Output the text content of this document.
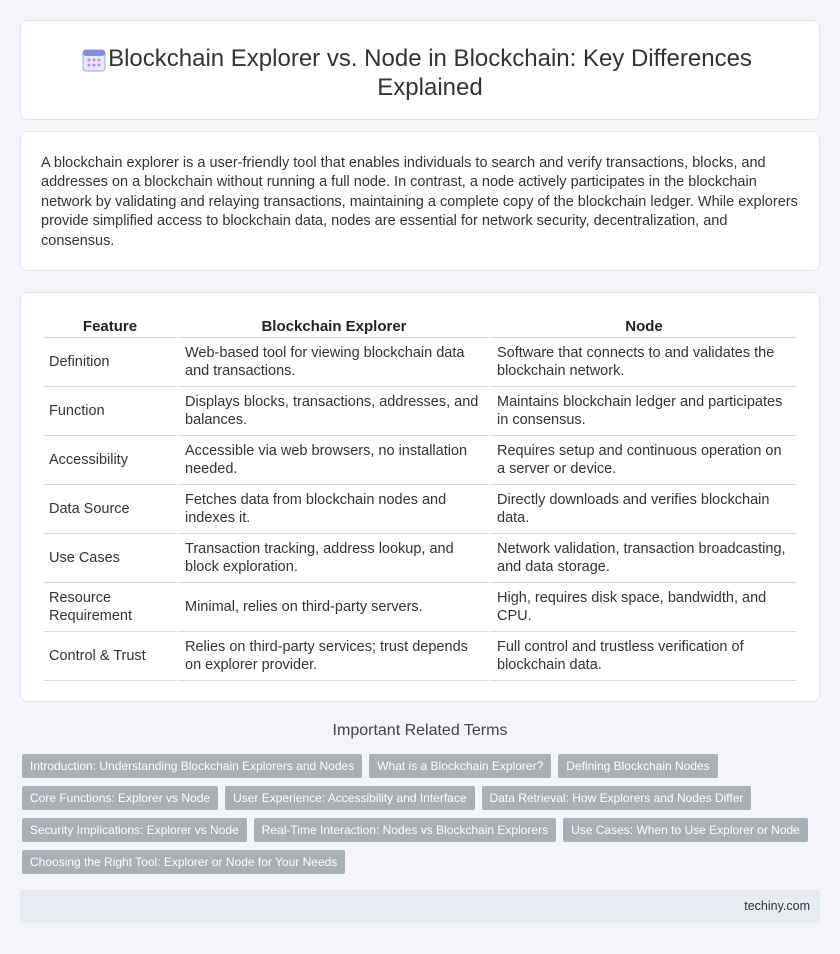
Blockchain Explorer vs. Node in Blockchain: Key Differences Explained

A blockchain explorer is a user-friendly tool that enables individuals to search and verify transactions, blocks, and addresses on a blockchain without running a full node. In contrast, a node actively participates in the blockchain network by validating and relaying transactions, maintaining a complete copy of the blockchain ledger. While explorers provide simplified access to blockchain data, nodes are essential for network security, decentralization, and consensus.

Feature	Blockchain Explorer	Node
Definition	Web-based tool for viewing blockchain data and transactions.	Software that connects to and validates the blockchain network.
Function	Displays blocks, transactions, addresses, and balances.	Maintains blockchain ledger and participates in consensus.
Accessibility	Accessible via web browsers, no installation needed.	Requires setup and continuous operation on a server or device.
Data Source	Fetches data from blockchain nodes and indexes it.	Directly downloads and verifies blockchain data.
Use Cases	Transaction tracking, address lookup, and block exploration.	Network validation, transaction broadcasting, and data storage.
Resource Requirement	Minimal, relies on third-party servers.	High, requires disk space, bandwidth, and CPU.
Control & Trust	Relies on third-party services; trust depends on explorer provider.	Full control and trustless verification of blockchain data.
Important Related Terms
Introduction: Understanding Blockchain Explorers and Nodes	What is a Blockchain Explorer?	Defining Blockchain Nodes
Core Functions: Explorer vs Node	User Experience: Accessibility and Interface	Data Retrieval: How Explorers and Nodes Differ
Security Implications: Explorer vs Node	Real-Time Interaction: Nodes vs Blockchain Explorers	Use Cases: When to Use Explorer or Node
Choosing the Right Tool: Explorer or Node for Your Needs
techiny.com
